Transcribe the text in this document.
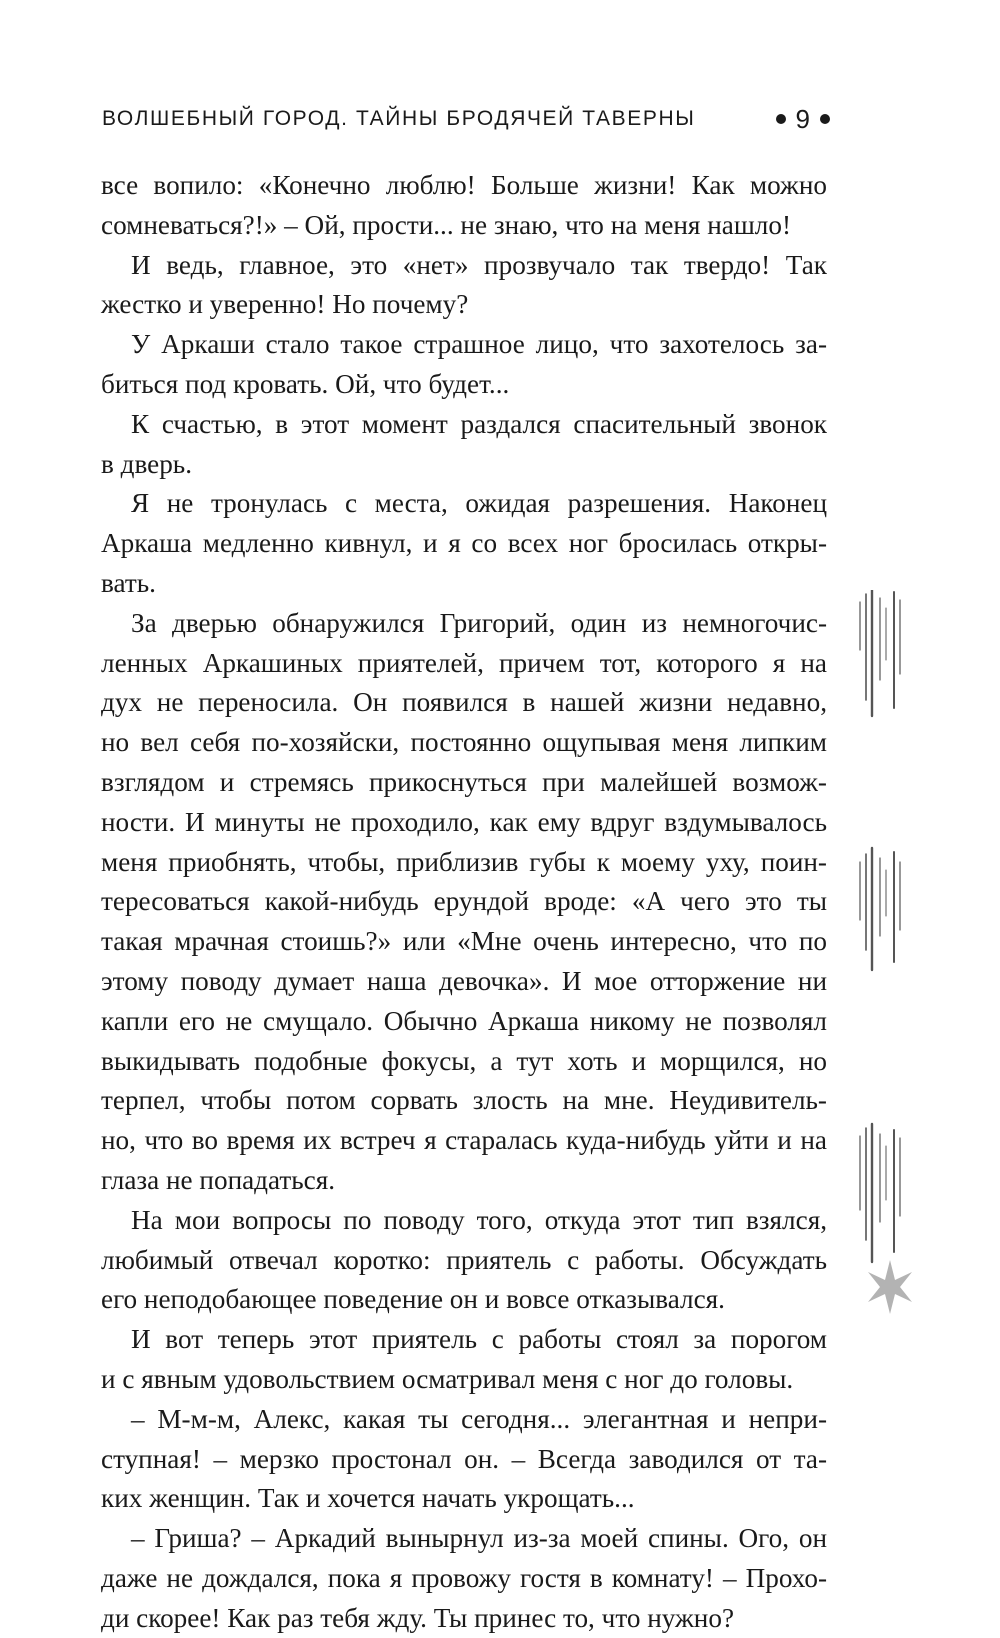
ВОЛШЕБНЫЙ ГОРОД. ТАЙНЫ БРОДЯЧЕЙ ТАВЕРНЫ	9
все вопило: «Конечно люблю! Больше жизни! Как можно
сомневаться?!» – Ой, прости... не знаю, что на меня нашло!
И ведь, главное, это «нет» прозвучало так твердо! Так
жестко и уверенно! Но почему?
У Аркаши стало такое страшное лицо, что захотелось за-
биться под кровать. Ой, что будет...
К счастью, в этот момент раздался спасительный звонок
в дверь.
Я не тронулась с места, ожидая разрешения. Наконец
Аркаша медленно кивнул, и я со всех ног бросилась откры-
вать.
За дверью обнаружился Григорий, один из немногочис-
ленных Аркашиных приятелей, причем тот, которого я на
дух не переносила. Он появился в нашей жизни недавно,
но вел себя по-хозяйски, постоянно ощупывая меня липким
взглядом и стремясь прикоснуться при малейшей возмож-
ности. И минуты не проходило, как ему вдруг вздумывалось
меня приобнять, чтобы, приблизив губы к моему уху, поин-
тересоваться какой-нибудь ерундой вроде: «А чего это ты
такая мрачная стоишь?» или «Мне очень интересно, что по
этому поводу думает наша девочка». И мое отторжение ни
капли его не смущало. Обычно Аркаша никому не позволял
выкидывать подобные фокусы, а тут хоть и морщился, но
терпел, чтобы потом сорвать злость на мне. Неудивитель-
но, что во время их встреч я старалась куда-нибудь уйти и на
глаза не попадаться.
На мои вопросы по поводу того, откуда этот тип взялся,
любимый отвечал коротко: приятель с работы. Обсуждать
его неподобающее поведение он и вовсе отказывался.
И вот теперь этот приятель с работы стоял за порогом
и с явным удовольствием осматривал меня с ног до головы.
– М-м-м, Алекс, какая ты сегодня... элегантная и непри-
ступная! – мерзко простонал он. – Всегда заводился от та-
ких женщин. Так и хочется начать укрощать...
– Гриша? – Аркадий вынырнул из-за моей спины. Ого, он
даже не дождался, пока я провожу гостя в комнату! – Прохо-
ди скорее! Как раз тебя жду. Ты принес то, что нужно?
